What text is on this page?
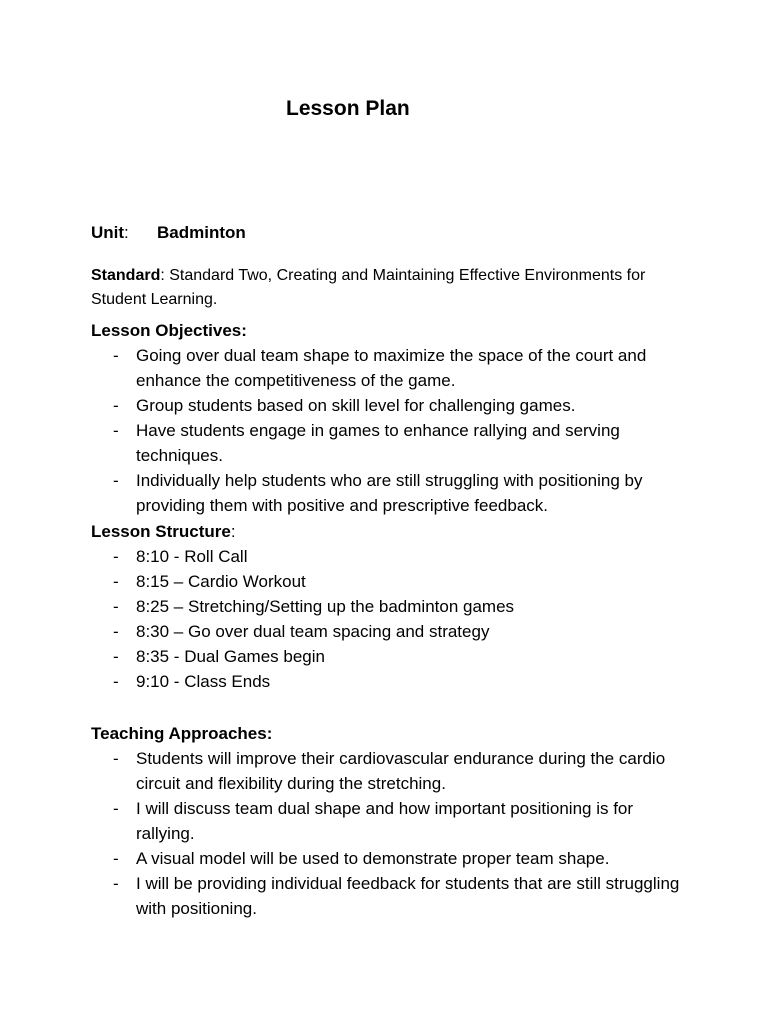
Lesson Plan
Unit: Badminton
Standard: Standard Two, Creating and Maintaining Effective Environments for Student Learning.
Lesson Objectives:
- Going over dual team shape to maximize the space of the court and enhance the competitiveness of the game.
- Group students based on skill level for challenging games.
- Have students engage in games to enhance rallying and serving techniques.
- Individually help students who are still struggling with positioning by providing them with positive and prescriptive feedback.
Lesson Structure:
- 8:10 - Roll Call
- 8:15 – Cardio Workout
- 8:25 – Stretching/Setting up the badminton games
- 8:30 – Go over dual team spacing and strategy
- 8:35 - Dual Games begin
- 9:10 - Class Ends
Teaching Approaches:
- Students will improve their cardiovascular endurance during the cardio circuit and flexibility during the stretching.
- I will discuss team dual shape and how important positioning is for rallying.
- A visual model will be used to demonstrate proper team shape.
- I will be providing individual feedback for students that are still struggling with positioning.
